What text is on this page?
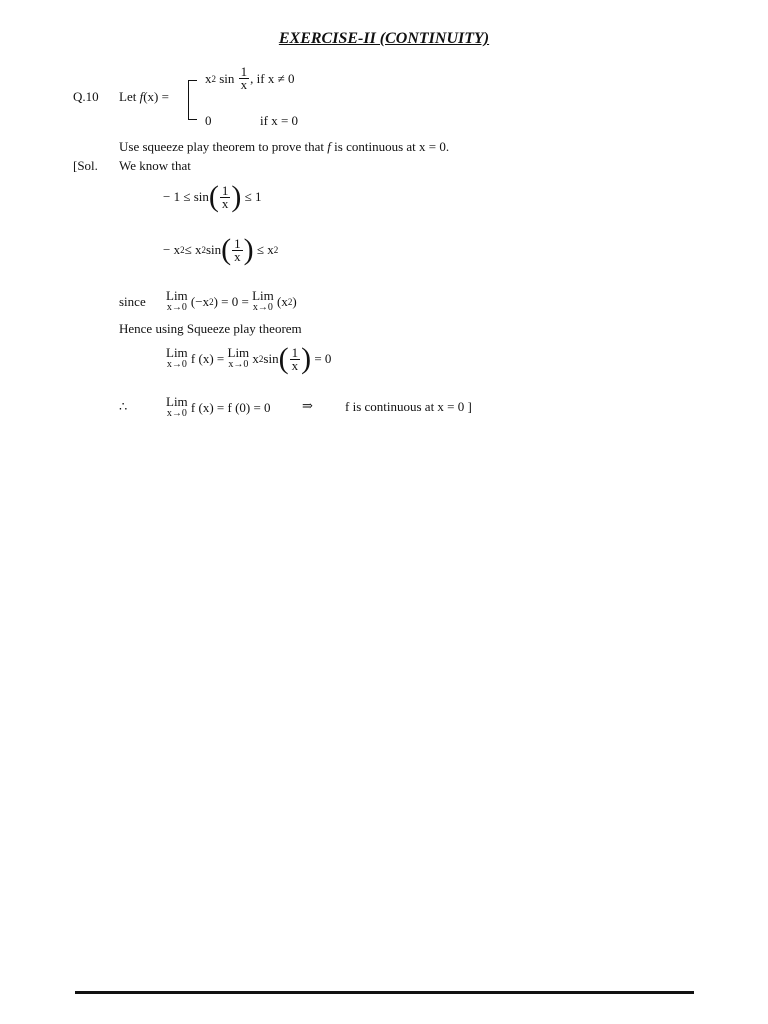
EXERCISE-II (CONTINUITY)
Q.10 Let f(x) =
x 2
sin
$\frac{1}{x}$ , if x ≠ 0
0	if x = 0
Use squeeze play theorem to prove that f is continuous at x = 0.
[Sol. We know that
− 1 ≤ sin ( $\frac{1}{x}$ )
≤ 1
− x 2 ≤ x 2 sin ( $\frac{1}{x}$ )
≤ x 2
since Lim
x→0
(−x 2 ) = 0 =
Lim
x→0
(x 2 )
Hence using Squeeze play theorem
Lim
x→0
f (x) =
Lim
x→0
x 2 sin ( $\frac{1}{x}$ )
= 0
∴	Lim
x→0
f (x) = f (0) = 0 ⇒ f is continuous at x = 0 ]
